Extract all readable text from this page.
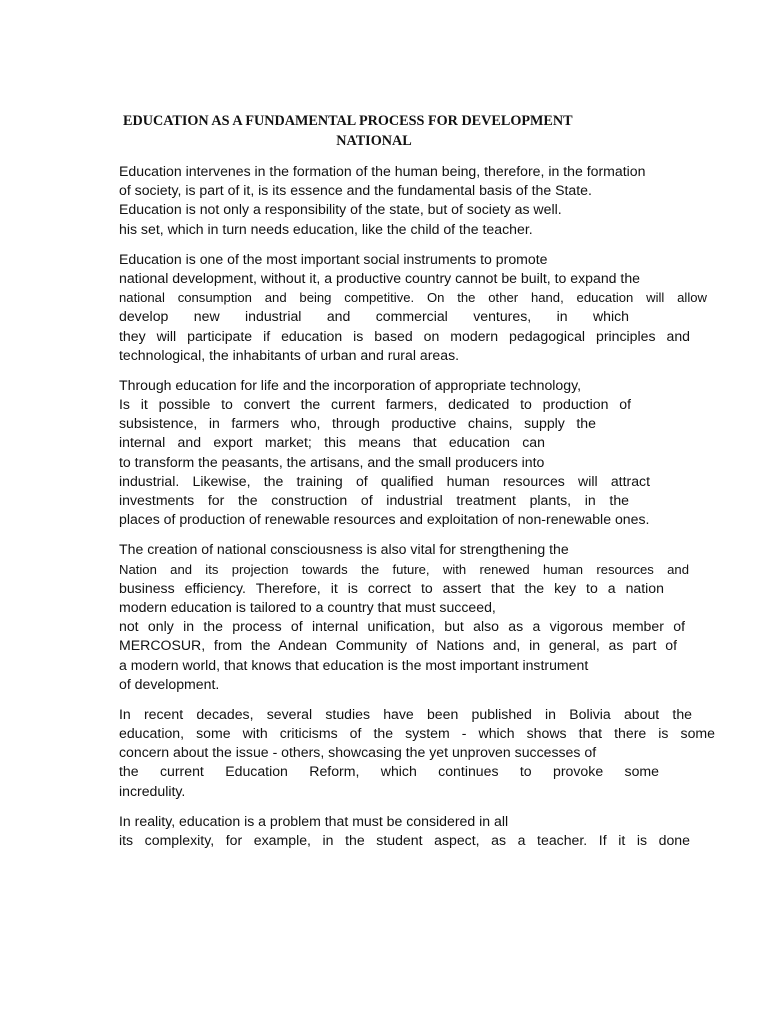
EDUCATION AS A FUNDAMENTAL PROCESS FOR DEVELOPMENT
NATIONAL

Education intervenes in the formation of the human being, therefore, in the formation
of society, is part of it, is its essence and the fundamental basis of the State.
Education is not only a responsibility of the state, but of society as well.
his set, which in turn needs education, like the child of the teacher.

Education is one of the most important social instruments to promote
national development, without it, a productive country cannot be built, to expand the
national consumption and being competitive. On the other hand, education will allow
develop new industrial and commercial ventures, in which
they will participate if education is based on modern pedagogical principles and
technological, the inhabitants of urban and rural areas.

Through education for life and the incorporation of appropriate technology,
Is it possible to convert the current farmers, dedicated to production of
subsistence, in farmers who, through productive chains, supply the
internal and export market; this means that education can
to transform the peasants, the artisans, and the small producers into
industrial. Likewise, the training of qualified human resources will attract
investments for the construction of industrial treatment plants, in the
places of production of renewable resources and exploitation of non-renewable ones.

The creation of national consciousness is also vital for strengthening the
Nation and its projection towards the future, with renewed human resources and
business efficiency. Therefore, it is correct to assert that the key to a nation
modern education is tailored to a country that must succeed,
not only in the process of internal unification, but also as a vigorous member of
MERCOSUR, from the Andean Community of Nations and, in general, as part of
a modern world, that knows that education is the most important instrument
of development.

In recent decades, several studies have been published in Bolivia about the
education, some with criticisms of the system - which shows that there is some
concern about the issue - others, showcasing the yet unproven successes of
the current Education Reform, which continues to provoke some
incredulity.

In reality, education is a problem that must be considered in all
its complexity, for example, in the student aspect, as a teacher. If it is done
